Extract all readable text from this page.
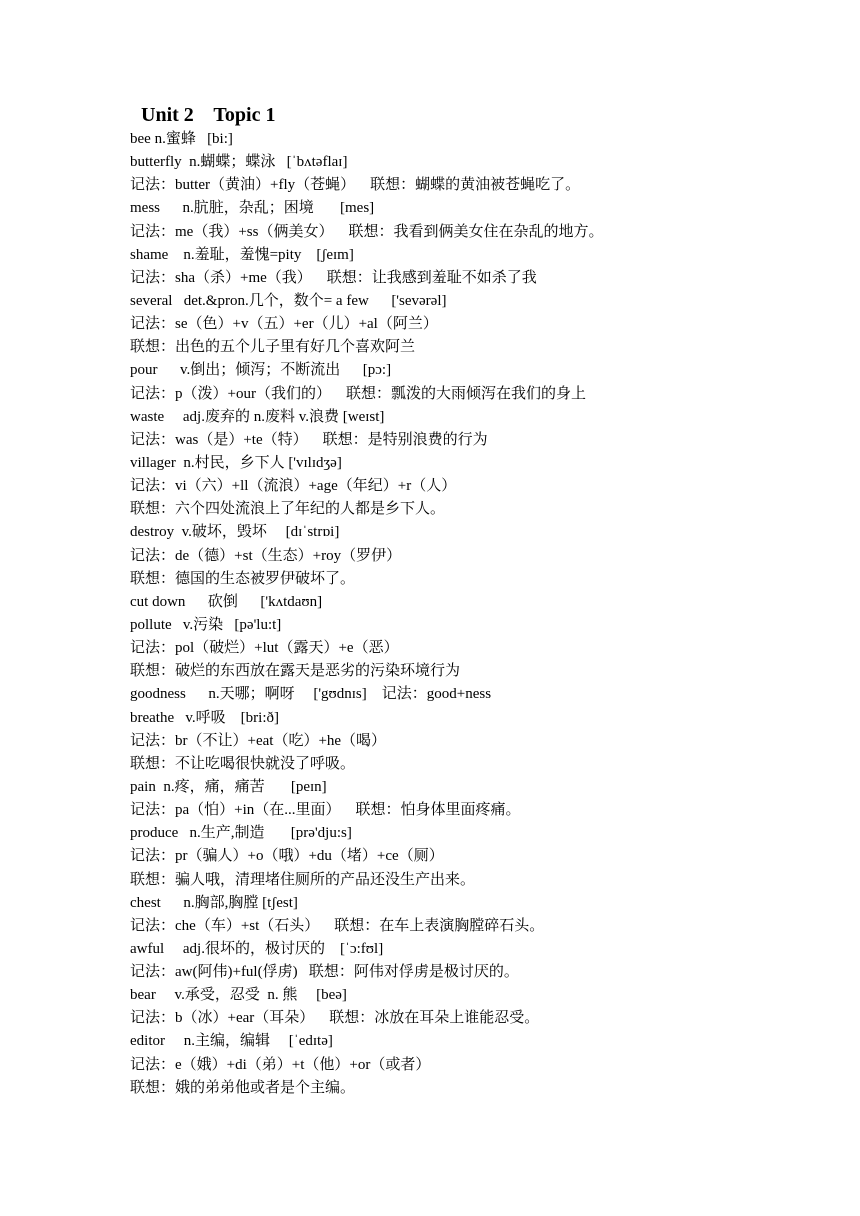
Unit 2    Topic 1
bee n.蜜蜂   [bi:]
butterfly  n.蝴蝶；蝶泳   [ˈbʌtəflaɪ]
记法：butter（黄油）+fly（苍蝇）    联想：蝴蝶的黄油被苍蝇吃了。
mess      n.肮脏，杂乱；困境       [mes]
记法：me（我）+ss（俩美女）    联想：我看到俩美女住在杂乱的地方。
shame    n.羞耻，羞愧=pity    [ʃeɪm]
记法：sha（杀）+me（我）    联想：让我感到羞耻不如杀了我
several   det.&pron.几个，数个= a few      ['sevərəl]
记法：se（色）+v（五）+er（儿）+al（阿兰）
联想：出色的五个儿子里有好几个喜欢阿兰
pour      v.倒出；倾泻；不断流出      [pɔ:]
记法：p（泼）+our（我们的）    联想：瓢泼的大雨倾泻在我们的身上
waste     adj.废弃的 n.废料 v.浪费 [weɪst]
记法：was（是）+te（特）    联想：是特别浪费的行为
villager  n.村民，乡下人 ['vɪlɪdʒə]
记法：vi（六）+ll（流浪）+age（年纪）+r（人）
联想：六个四处流浪上了年纪的人都是乡下人。
destroy  v.破坏，毁坏     [dɪˈstrɒi]
记法：de（德）+st（生态）+roy（罗伊）
联想：德国的生态被罗伊破坏了。
cut down      砍倒      ['kʌtdaʊn]
pollute   v.污染   [pə'lu:t]
记法：pol（破烂）+lut（露天）+e（恶）
联想：破烂的东西放在露天是恶劣的污染环境行为
goodness      n.天哪；啊呀     ['gʊdnɪs]    记法：good+ness
breathe   v.呼吸    [bri:ð]
记法：br（不让）+eat（吃）+he（喝）
联想：不让吃喝很快就没了呼吸。
pain  n.疼，痛，痛苦       [peɪn]
记法：pa（怕）+in（在...里面）    联想：怕身体里面疼痛。
produce   n.生产,制造       [prə'dju:s]
记法：pr（骗人）+o（哦）+du（堵）+ce（厕）
联想：骗人哦，清理堵住厕所的产品还没生产出来。
chest      n.胸部,胸膛 [tʃest]
记法：che（车）+st（石头）    联想：在车上表演胸膛碎石头。
awful     adj.很坏的，极讨厌的    [ˈɔ:fʊl]
记法：aw(阿伟)+ful(俘虏)   联想：阿伟对俘虏是极讨厌的。
bear     v.承受，忍受  n. 熊     [beə]
记法：b（冰）+ear（耳朵）    联想：冰放在耳朵上谁能忍受。
editor     n.主编，编辑     [ˈedɪtə]
记法：e（娥）+di（弟）+t（他）+or（或者）
联想：娥的弟弟他或者是个主编。
